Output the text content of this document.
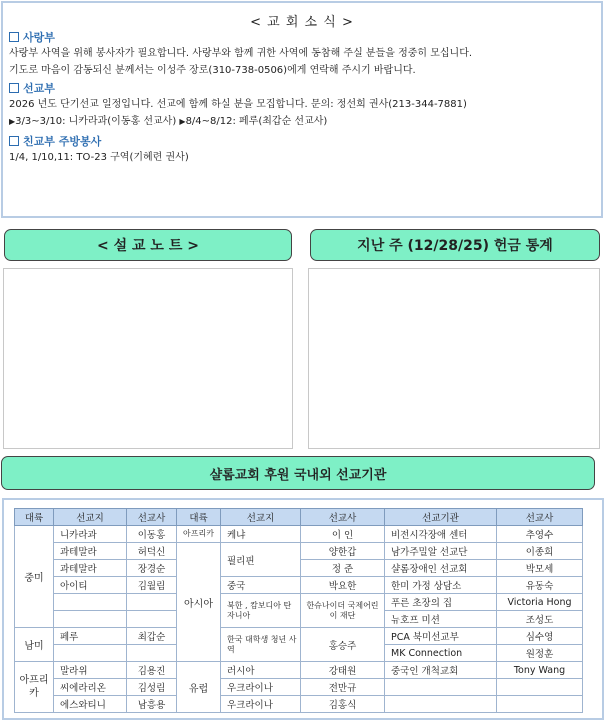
< 교 회 소 식 >
사랑부
사랑부 사역을 위해 봉사자가 필요합니다. 사랑부와 함께 귀한 사역에 동참해 주실 분들을 정중히 모십니다.
기도로 마음이 감동되신 분께서는 이성주 장로(310-738-0506)에게 연락해 주시기 바랍니다.
선교부
2026 년도 단기선교 일정입니다. 선교에 함께 하실 분을 모집합니다. 문의: 정선희 권사(213-344-7881)
▶3/3~3/10: 니카라과(이동홍 선교사) ▶8/4~8/12: 페루(최갑순 선교사)
친교부 주방봉사
1/4, 1/10,11: TO-23 구역(기혜련 권사)
< 설 교 노 트 >	지난 주 (12/28/25) 헌금 통계
샬롬교회 후원 국내외 선교기관
대륙	선교지	선교사	대륙	선교지	선교사	선교기관	선교사
중미	니카라과	이동홍	아프리카	케냐	이 인	비전시각장애 센터	추영수
	과테말라	허덕신	아시아	필리핀	양한갑	남가주밀알 선교단	이종희
	과테말라	장경순			정 준	샬롬장애인 선교회	박모세
	아이티	김월림		중국	박요한	한미 가정 상담소	유동숙
				북한 , 캄보디아 탄자니아	한슈나이더 국제어린이 재단	푸른 초장의 집	Victoria Hong
						뉴호프 미션	조성도
남미	페루	최갑순		한국 대학생 청년 사역	홍승주	PCA 북미선교부	심수영
						MK Connection	원정훈
아프리카	말라위	김용진	유럽	러시아	강태원	중국인 개척교회	Tony Wang
	씨에라리온	김성림		우크라이나	전만규		
	에스와티니	남흥용		우크라이나	김홍식		
